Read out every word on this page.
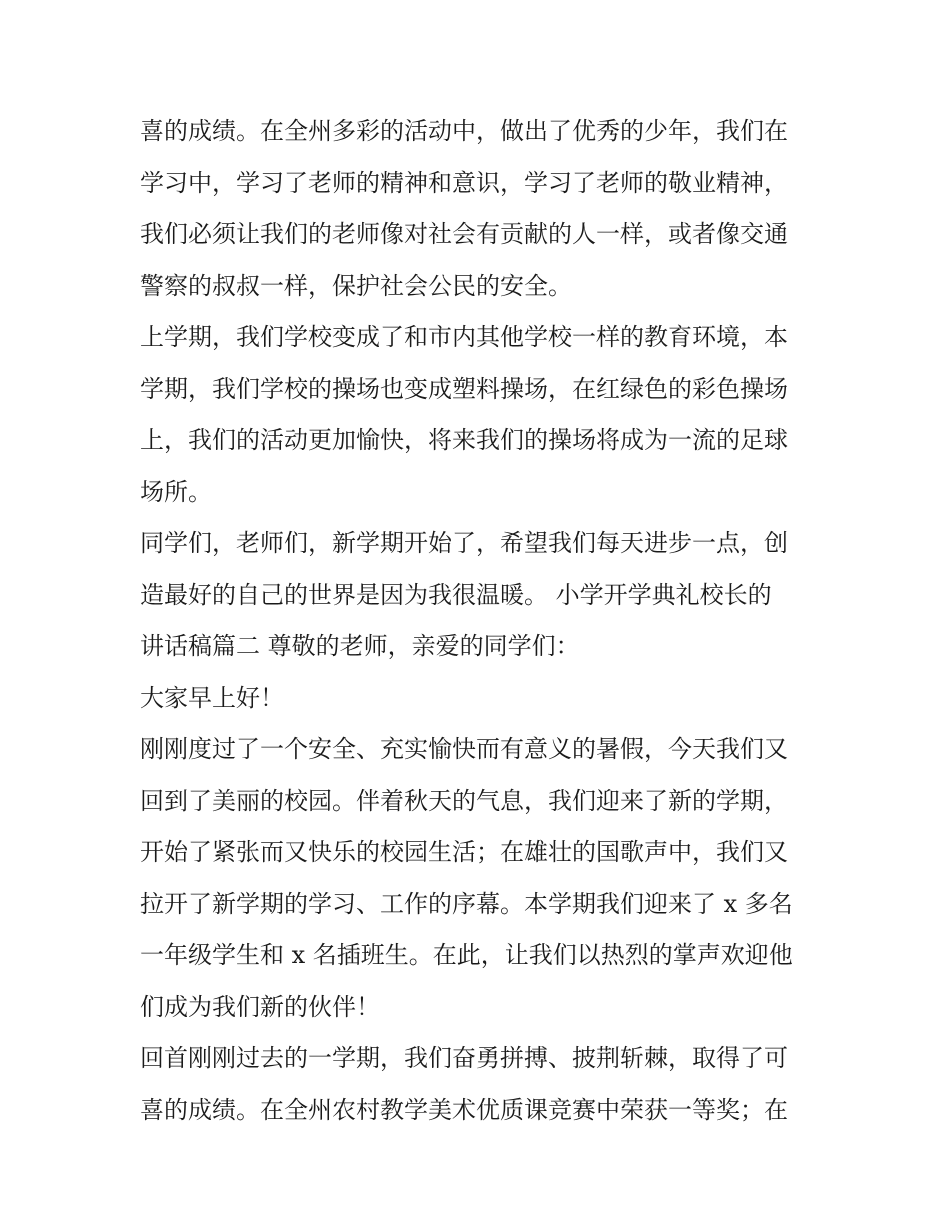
喜的成绩。在全州多彩的活动中，做出了优秀的少年，我们在
学习中，学习了老师的精神和意识，学习了老师的敬业精神，
我们必须让我们的老师像对社会有贡献的人一样，或者像交通
警察的叔叔一样，保护社会公民的安全。
上学期，我们学校变成了和市内其他学校一样的教育环境，本
学期，我们学校的操场也变成塑料操场，在红绿色的彩色操场
上，我们的活动更加愉快，将来我们的操场将成为一流的足球
场所。
同学们，老师们，新学期开始了，希望我们每天进步一点，创
造最好的自己的世界是因为我很温暖。 小学开学典礼校长的
讲话稿篇二 尊敬的老师，亲爱的同学们：
大家早上好！
刚刚度过了一个安全、充实愉快而有意义的暑假，今天我们又
回到了美丽的校园。伴着秋天的气息，我们迎来了新的学期，
开始了紧张而又快乐的校园生活；在雄壮的国歌声中，我们又
拉开了新学期的学习、工作的序幕。本学期我们迎来了 x 多名
一年级学生和 x 名插班生。在此，让我们以热烈的掌声欢迎他
们成为我们新的伙伴！
回首刚刚过去的一学期，我们奋勇拼搏、披荆斩棘，取得了可
喜的成绩。在全州农村教学美术优质课竞赛中荣获一等奖；在
